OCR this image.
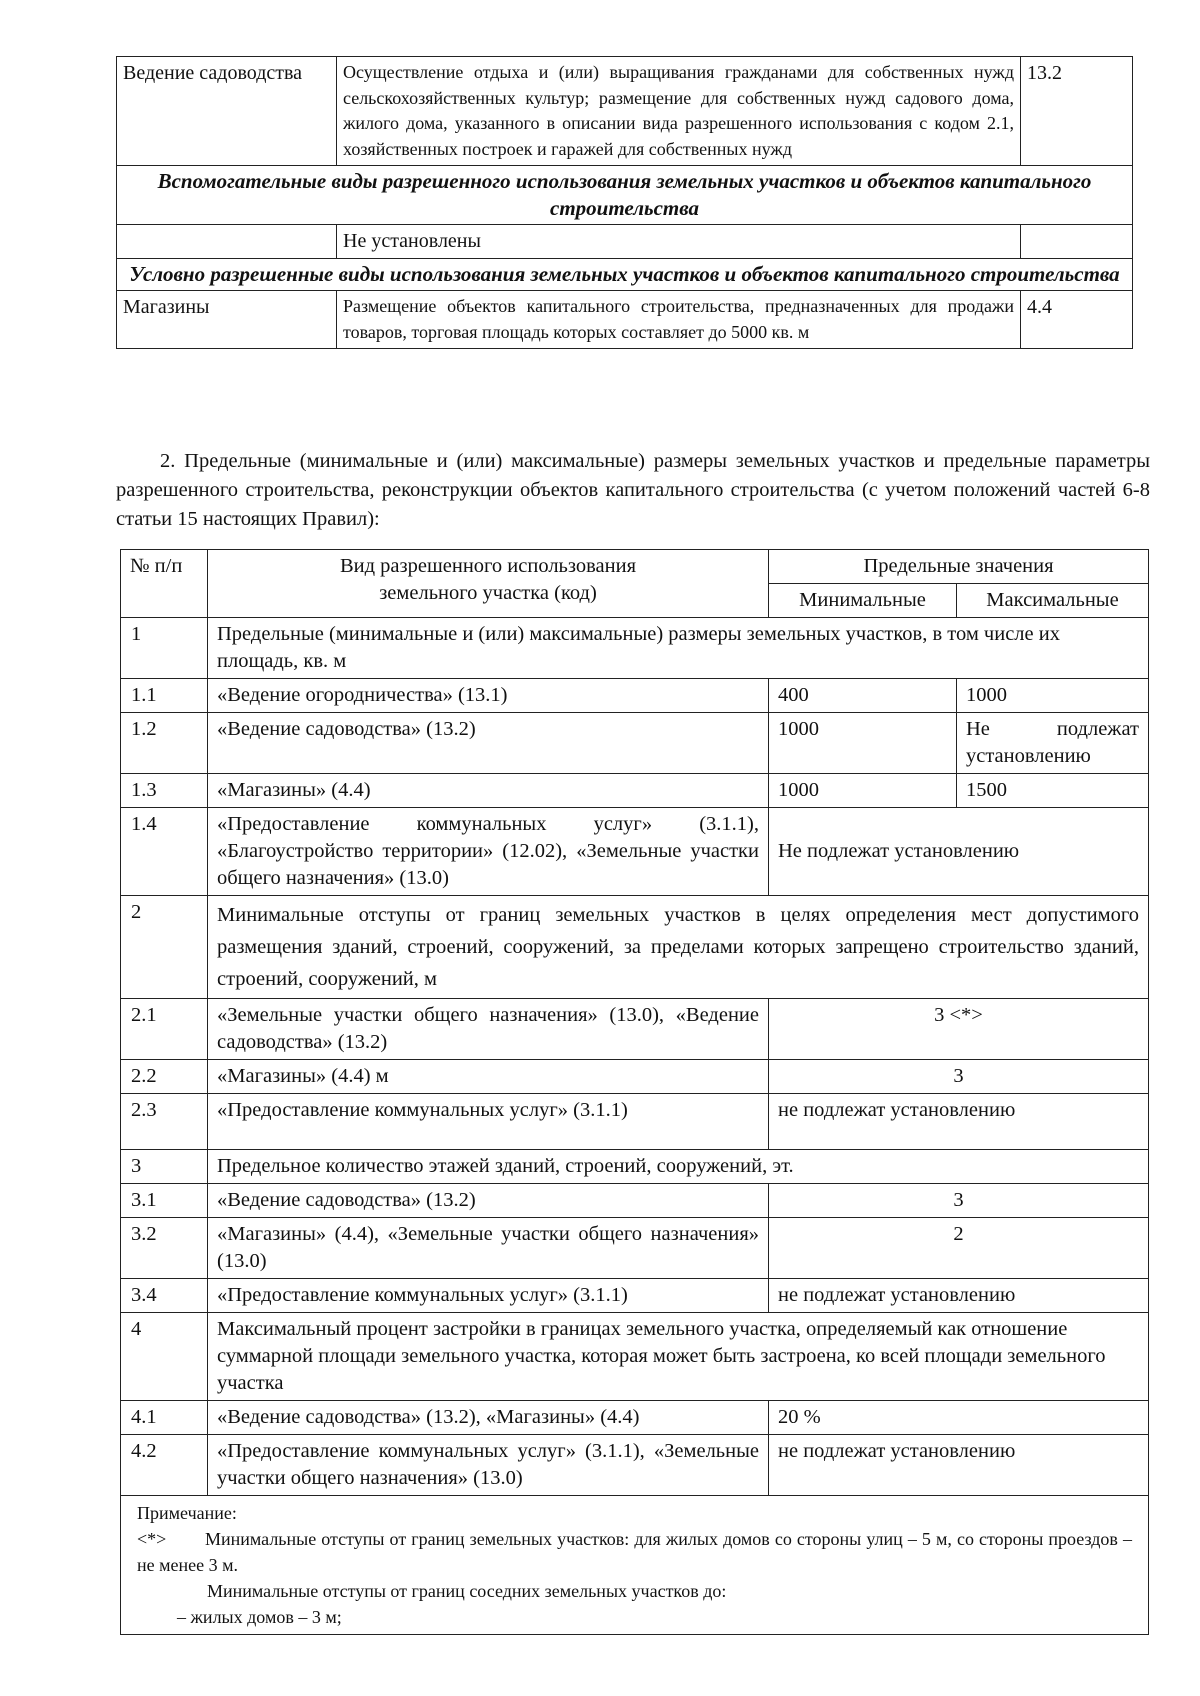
Ведение садоводства	Осуществление отдыха и (или) выращивания гражданами для собственных нужд сельскохозяйственных культур; размещение для собственных нужд садового дома, жилого дома, указанного в описании вида разрешенного использования с кодом 2.1, хозяйственных построек и гаражей для собственных нужд	13.2
Вспомогательные виды разрешенного использования земельных участков и объектов капитального строительства		
	Не установлены	
Условно разрешенные виды использования земельных участков и объектов капитального строительства		
Магазины	Размещение объектов капитального строительства, предназначенных для продажи товаров, торговая площадь которых составляет до 5000 кв. м	4.4

2. Предельные (минимальные и (или) максимальные) размеры земельных участков и предельные параметры разрешенного строительства, реконструкции объектов капитального строительства (с учетом положений частей 6-8 статьи 15 настоящих Правил):

№ п/п	Вид разрешенного использования земельного участка (код)	Предельные значения	
		Минимальные	Максимальные
1	Предельные (минимальные и (или) максимальные) размеры земельных участков, в том числе их площадь, кв. м		
1.1	«Ведение огородничества» (13.1)	400	1000
1.2	«Ведение садоводства» (13.2)	1000	Не подлежат установлению
1.3	«Магазины» (4.4)	1000	1500
1.4	«Предоставление коммунальных услуг» (3.1.1), «Благоустройство территории» (12.02), «Земельные участки общего назначения» (13.0)	Не подлежат установлению	
2	Минимальные отступы от границ земельных участков в целях определения мест допустимого размещения зданий, строений, сооружений, за пределами которых запрещено строительство зданий, строений, сооружений, м		
2.1	«Земельные участки общего назначения» (13.0), «Ведение садоводства» (13.2)	3 <*>	
2.2	«Магазины» (4.4) м	3	
2.3	«Предоставление коммунальных услуг» (3.1.1)	не подлежат установлению	
3	Предельное количество этажей зданий, строений, сооружений, эт.		
3.1	«Ведение садоводства» (13.2)	3	
3.2	«Магазины» (4.4), «Земельные участки общего назначения» (13.0)	2	
3.4	«Предоставление коммунальных услуг» (3.1.1)	не подлежат установлению	
4	Максимальный процент застройки в границах земельного участка, определяемый как отношение суммарной площади земельного участка, которая может быть застроена, ко всей площади земельного участка		
4.1	«Ведение садоводства» (13.2), «Магазины» (4.4)	20 %	
4.2	«Предоставление коммунальных услуг» (3.1.1), «Земельные участки общего назначения» (13.0)	не подлежат установлению	

Примечание:
<*> Минимальные отступы от границ земельных участков: для жилых домов со стороны улиц – 5 м, со стороны проездов – не менее 3 м.
Минимальные отступы от границ соседних земельных участков до:
– жилых домов – 3 м;			
